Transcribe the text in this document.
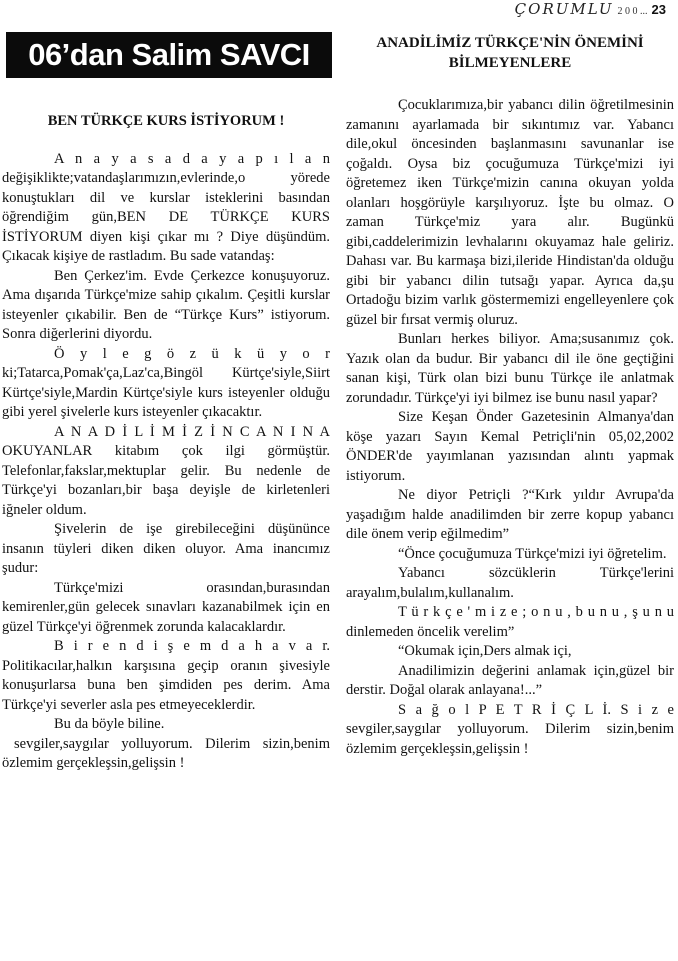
ÇORUMLU 2 0 0 ... 23
06’dan Salim SAVCI	ANADİLİMİZ TÜRKÇE'NİN ÖNEMİNİ BİLMEYENLERE

BEN TÜRKÇE KURS İSTİYORUM !

A n a y a s a d a y a p ı l a n değişiklikte;vatandaşlarımızın,evlerinde,o yörede konuştukları dil ve kurslar isteklerini basından öğrendiğim gün,BEN DE TÜRKÇE KURS İSTİYORUM diyen kişi çıkar mı ? Diye düşündüm. Çıkacak kişiye de rastladım. Bu sade vatandaş:

Ben Çerkez'im. Evde Çerkezce konuşuyoruz. Ama dışarıda Türkçe'mize sahip çıkalım. Çeşitli kurslar isteyenler çıkabilir. Ben de “Türkçe Kurs” istiyorum. Sonra diğerlerini diyordu.

Ö y l e g ö z ü k ü y o r ki;Tatarca,Pomak'ça,Laz'ca,Bingöl Kürtçe'siyle,Siirt Kürtçe'siyle,Mardin Kürtçe'siyle kurs isteyenler olduğu gibi yerel şivelerle kurs isteyenler çıkacaktır.

A N A D İ L İ M İ Z İ N C A N I N A OKUYANLAR kitabım çok ilgi görmüştür. Telefonlar,fakslar,mektuplar gelir. Bu nedenle de Türkçe'yi bozanları,bir başa deyişle de kirletenleri iğneler oldum.

Şivelerin de işe girebileceğini düşününce insanın tüyleri diken diken oluyor. Ama inancımız şudur:

Türkçe'mizi orasından,burasından kemirenler,gün gelecek sınavları kazanabilmek için en güzel Türkçe'yi öğrenmek zorunda kalacaklardır.

B i r e n d i ş e m d a h a v a r. Politikacılar,halkın karşısına geçip oranın şivesiyle konuşurlarsa buna ben şimdiden pes derim. Ama Türkçe'yi severler asla pes etmeyeceklerdir.

Bu da böyle biline.

sevgiler,saygılar yolluyorum. Dilerim sizin,benim özlemim gerçekleşsin,gelişsin !

Çocuklarımıza,bir yabancı dilin öğretilmesinin zamanını ayarlamada bir sıkıntımız var. Yabancı dile,okul öncesinden başlanmasını savunanlar ise çoğaldı. Oysa biz çocuğumuza Türkçe'mizi iyi öğretemez iken Türkçe'mizin canına okuyan yolda olanları hoşgörüyle karşılıyoruz. İşte bu olmaz. O zaman Türkçe'miz yara alır. Bugünkü gibi,caddelerimizin levhalarını okuyamaz hale geliriz. Dahası var. Bu karmaşa bizi,ileride Hindistan'da olduğu gibi bir yabancı dilin tutsağı yapar. Ayrıca da,şu Ortadoğu bizim varlık göstermemizi engelleyenlere çok güzel bir fırsat vermiş oluruz.

Bunları herkes biliyor. Ama;susanımız çok. Yazık olan da budur. Bir yabancı dil ile öne geçtiğini sanan kişi, Türk olan bizi bunu Türkçe ile anlatmak zorundadır. Türkçe'yi iyi bilmez ise bunu nasıl yapar?

Size Keşan Önder Gazetesinin Almanya'dan köşe yazarı Sayın Kemal Petriçli'nin 05,02,2002 ÖNDER'de yayımlanan yazısından alıntı yapmak istiyorum.

Ne diyor Petriçli ?“Kırk yıldır Avrupa'da yaşadığım halde anadilimden bir zerre kopup yabancı dile önem verip eğilmedim”

“Önce çocuğumuza Türkçe'mizi iyi öğretelim.

Yabancı sözcüklerin Türkçe'lerini arayalım,bulalım,kullanalım.

T ü r k ç e ' m i z e ; o n u , b u n u , ş u n u dinlemeden öncelik verelim”

“Okumak için,Ders almak içi,

Anadilimizin değerini anlamak için,güzel bir derstir. Doğal olarak anlayana!...”

S a ğ o l P E T R İ Ç L İ. S i z e sevgiler,saygılar yolluyorum. Dilerim sizin,benim özlemim gerçekleşsin,gelişsin !
